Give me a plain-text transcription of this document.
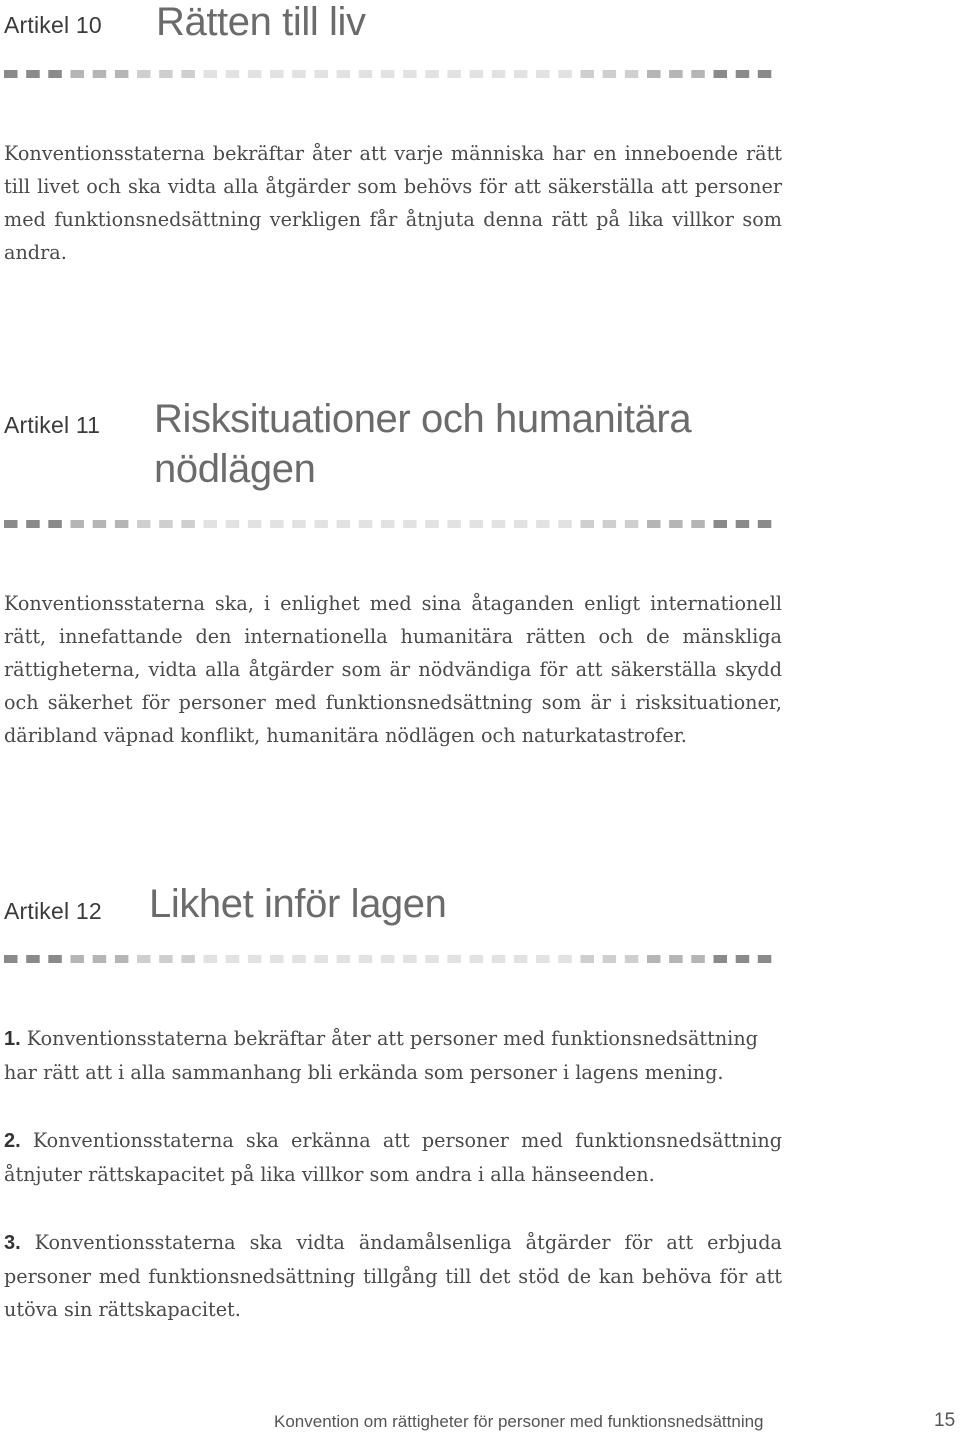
Artikel 10 Rätten till liv

Konventionsstaterna bekräftar åter att varje människa har en inneboende rätt till livet och ska vidta alla åtgärder som behövs för att säkerställa att personer med funktionsnedsättning verkligen får åtnjuta denna rätt på lika villkor som andra.

Artikel 11 Risksituationer och humanitära
nödlägen

Konventionsstaterna ska, i enlighet med sina åtaganden enligt internationell rätt, innefattande den internationella humanitära rätten och de mänskliga rättigheterna, vidta alla åtgärder som är nödvändiga för att säkerställa skydd och säkerhet för personer med funktionsnedsättning som är i risksituationer, däribland väpnad konflikt, humanitära nödlägen och naturkatastrofer.

Artikel 12 Likhet inför lagen

1. Konventionsstaterna bekräftar åter att personer med funktionsnedsättning har rätt att i alla sammanhang bli erkända som personer i lagens mening.

2. Konventionsstaterna ska erkänna att personer med funktionsnedsättning åtnjuter rättskapacitet på lika villkor som andra i alla hänseenden.

3. Konventionsstaterna ska vidta ändamålsenliga åtgärder för att erbjuda personer med funktionsnedsättning tillgång till det stöd de kan behöva för att utöva sin rättskapacitet.

Konvention om rättigheter för personer med funktionsnedsättning	15
